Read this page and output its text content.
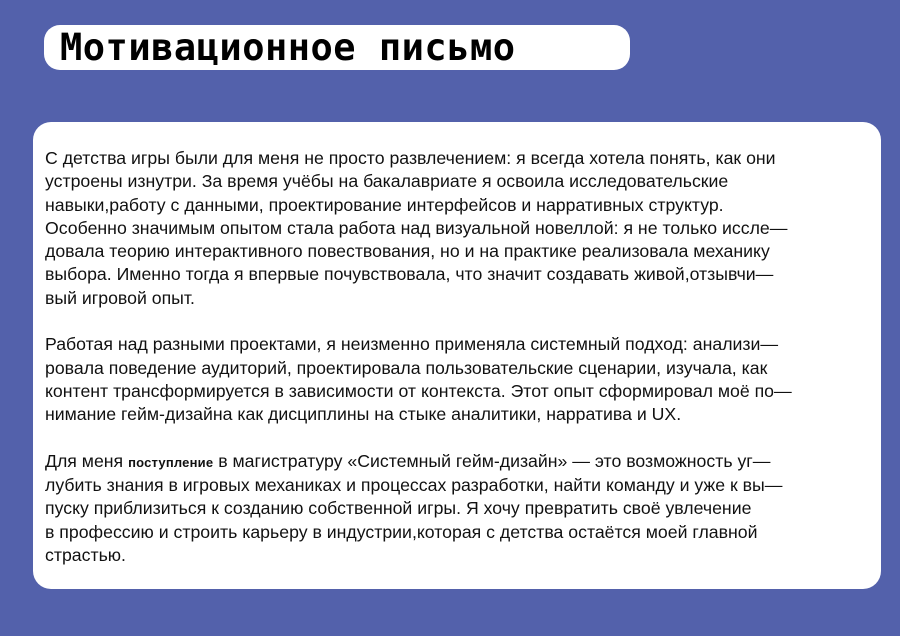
Мотивационное письмо

С детства игры были для меня не просто развлечением: я всегда хотела понять, как они
устроены изнутри. За время учёбы на бакалавриате я освоила исследовательские
навыки,работу с данными, проектирование интерфейсов и нарративных структур.
Особенно значимым опытом стала работа над визуальной новеллой: я не только иссле—
довала теорию интерактивного повествования, но и на практике реализовала механику
выбора. Именно тогда я впервые почувствовала, что значит создавать живой,отзывчи—
вый игровой опыт.

Работая над разными проектами, я неизменно применяла системный подход: анализи—
ровала поведение аудиторий, проектировала пользовательские сценарии, изучала, как
контент трансформируется в зависимости от контекста. Этот опыт сформировал моё по—
нимание гейм-дизайна как дисциплины на стыке аналитики, нарратива и UX.

Для меня поступление в магистратуру «Системный гейм-дизайн» — это возможность уг—
лубить знания в игровых механиках и процессах разработки, найти команду и уже к вы—
пуску приблизиться к созданию собственной игры. Я хочу превратить своё увлечение
в профессию и строить карьеру в индустрии,которая с детства остаётся моей главной
страстью.
